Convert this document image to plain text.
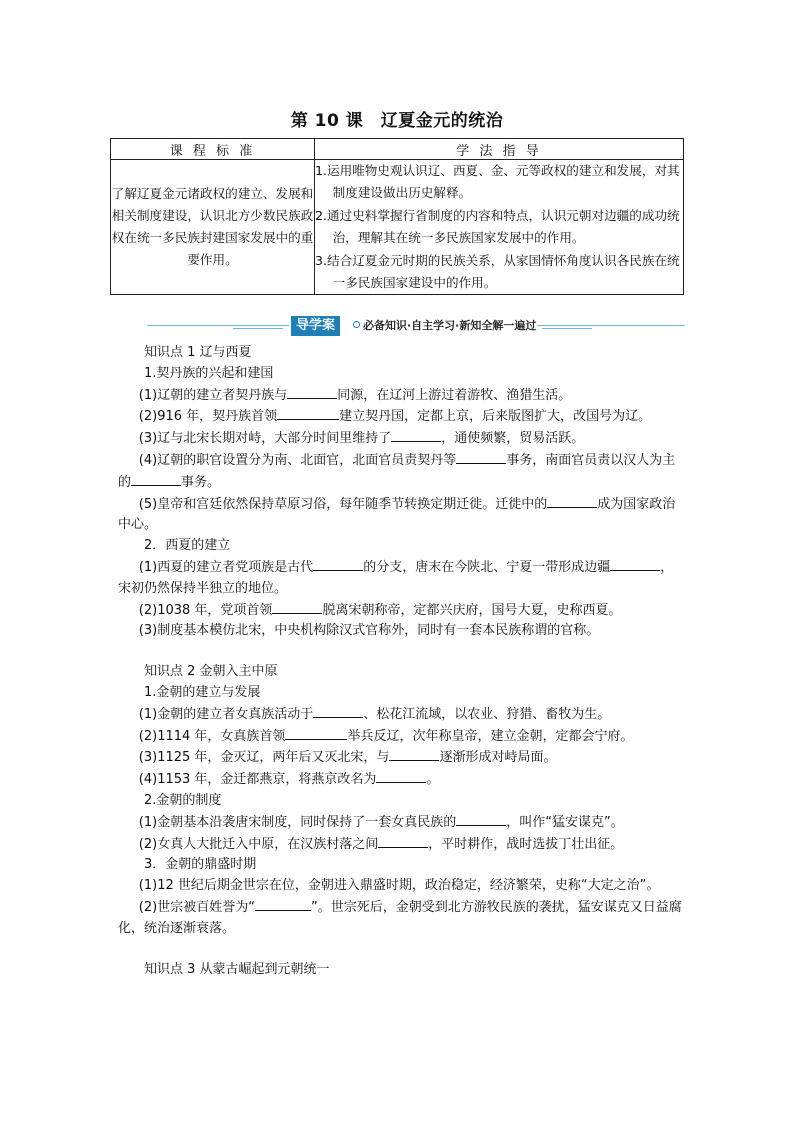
第 10 课　辽夏金元的统治
课 程 标 准	学 法 指 导
了解辽夏金元诸政权的建立、发展和相关制度建设，认识北方少数民族政权在统一多民族封建国家发展中的重要作用。	1.运用唯物史观认识辽、西夏、金、元等政权的建立和发展，对其制度建设做出历史解释。
2.通过史料掌握行省制度的内容和特点，认识元朝对边疆的成功统治，理解其在统一多民族国家发展中的作用。
3.结合辽夏金元时期的民族关系，从家国情怀角度认识各民族在统一多民族国家建设中的作用。
导学案	必备知识·自主学习·新知全解一遍过

知识点 1 辽与西夏

1.契丹族的兴起和建国

(1)辽朝的建立者契丹族与	同源，在辽河上游过着游牧、渔猎生活。

(2)916 年，契丹族首领	建立契丹国，定都上京，后来版图扩大，改国号为辽。

(3)辽与北宋长期对峙，大部分时间里维持了	，通使频繁，贸易活跃。

(4)辽朝的职官设置分为南、北面官，北面官员责契丹等	事务，南面官员责以汉人为主的	事务。

(5)皇帝和宫廷依然保持草原习俗，每年随季节转换定期迁徙。迁徙中的	成为国家政治中心。

2．西夏的建立

(1)西夏的建立者党项族是古代	的分支，唐末在今陕北、宁夏一带形成边疆	，宋初仍然保持半独立的地位。

(2)1038 年，党项首领	脱离宋朝称帝，定都兴庆府，国号大夏，史称西夏。

(3)制度基本模仿北宋，中央机构除汉式官称外，同时有一套本民族称谓的官称。

知识点 2 金朝入主中原

1.金朝的建立与发展

(1)金朝的建立者女真族活动于	、松花江流域，以农业、狩猎、畜牧为生。

(2)1114 年，女真族首领	举兵反辽，次年称皇帝，建立金朝，定都会宁府。

(3)1125 年，金灭辽，两年后又灭北宋，与	逐渐形成对峙局面。

(4)1153 年，金迁都燕京，将燕京改名为	。

2.金朝的制度

(1)金朝基本沿袭唐宋制度，同时保持了一套女真民族的	，叫作“猛安谋克”。

(2)女真人大批迁入中原，在汉族村落之间	，平时耕作，战时选拔丁壮出征。

3．金朝的鼎盛时期

(1)12 世纪后期金世宗在位，金朝进入鼎盛时期，政治稳定，经济繁荣，史称“大定之治”。

(2)世宗被百姓誉为“	”。世宗死后，金朝受到北方游牧民族的袭扰，猛安谋克又日益腐化，统治逐渐衰落。

知识点 3 从蒙古崛起到元朝统一
